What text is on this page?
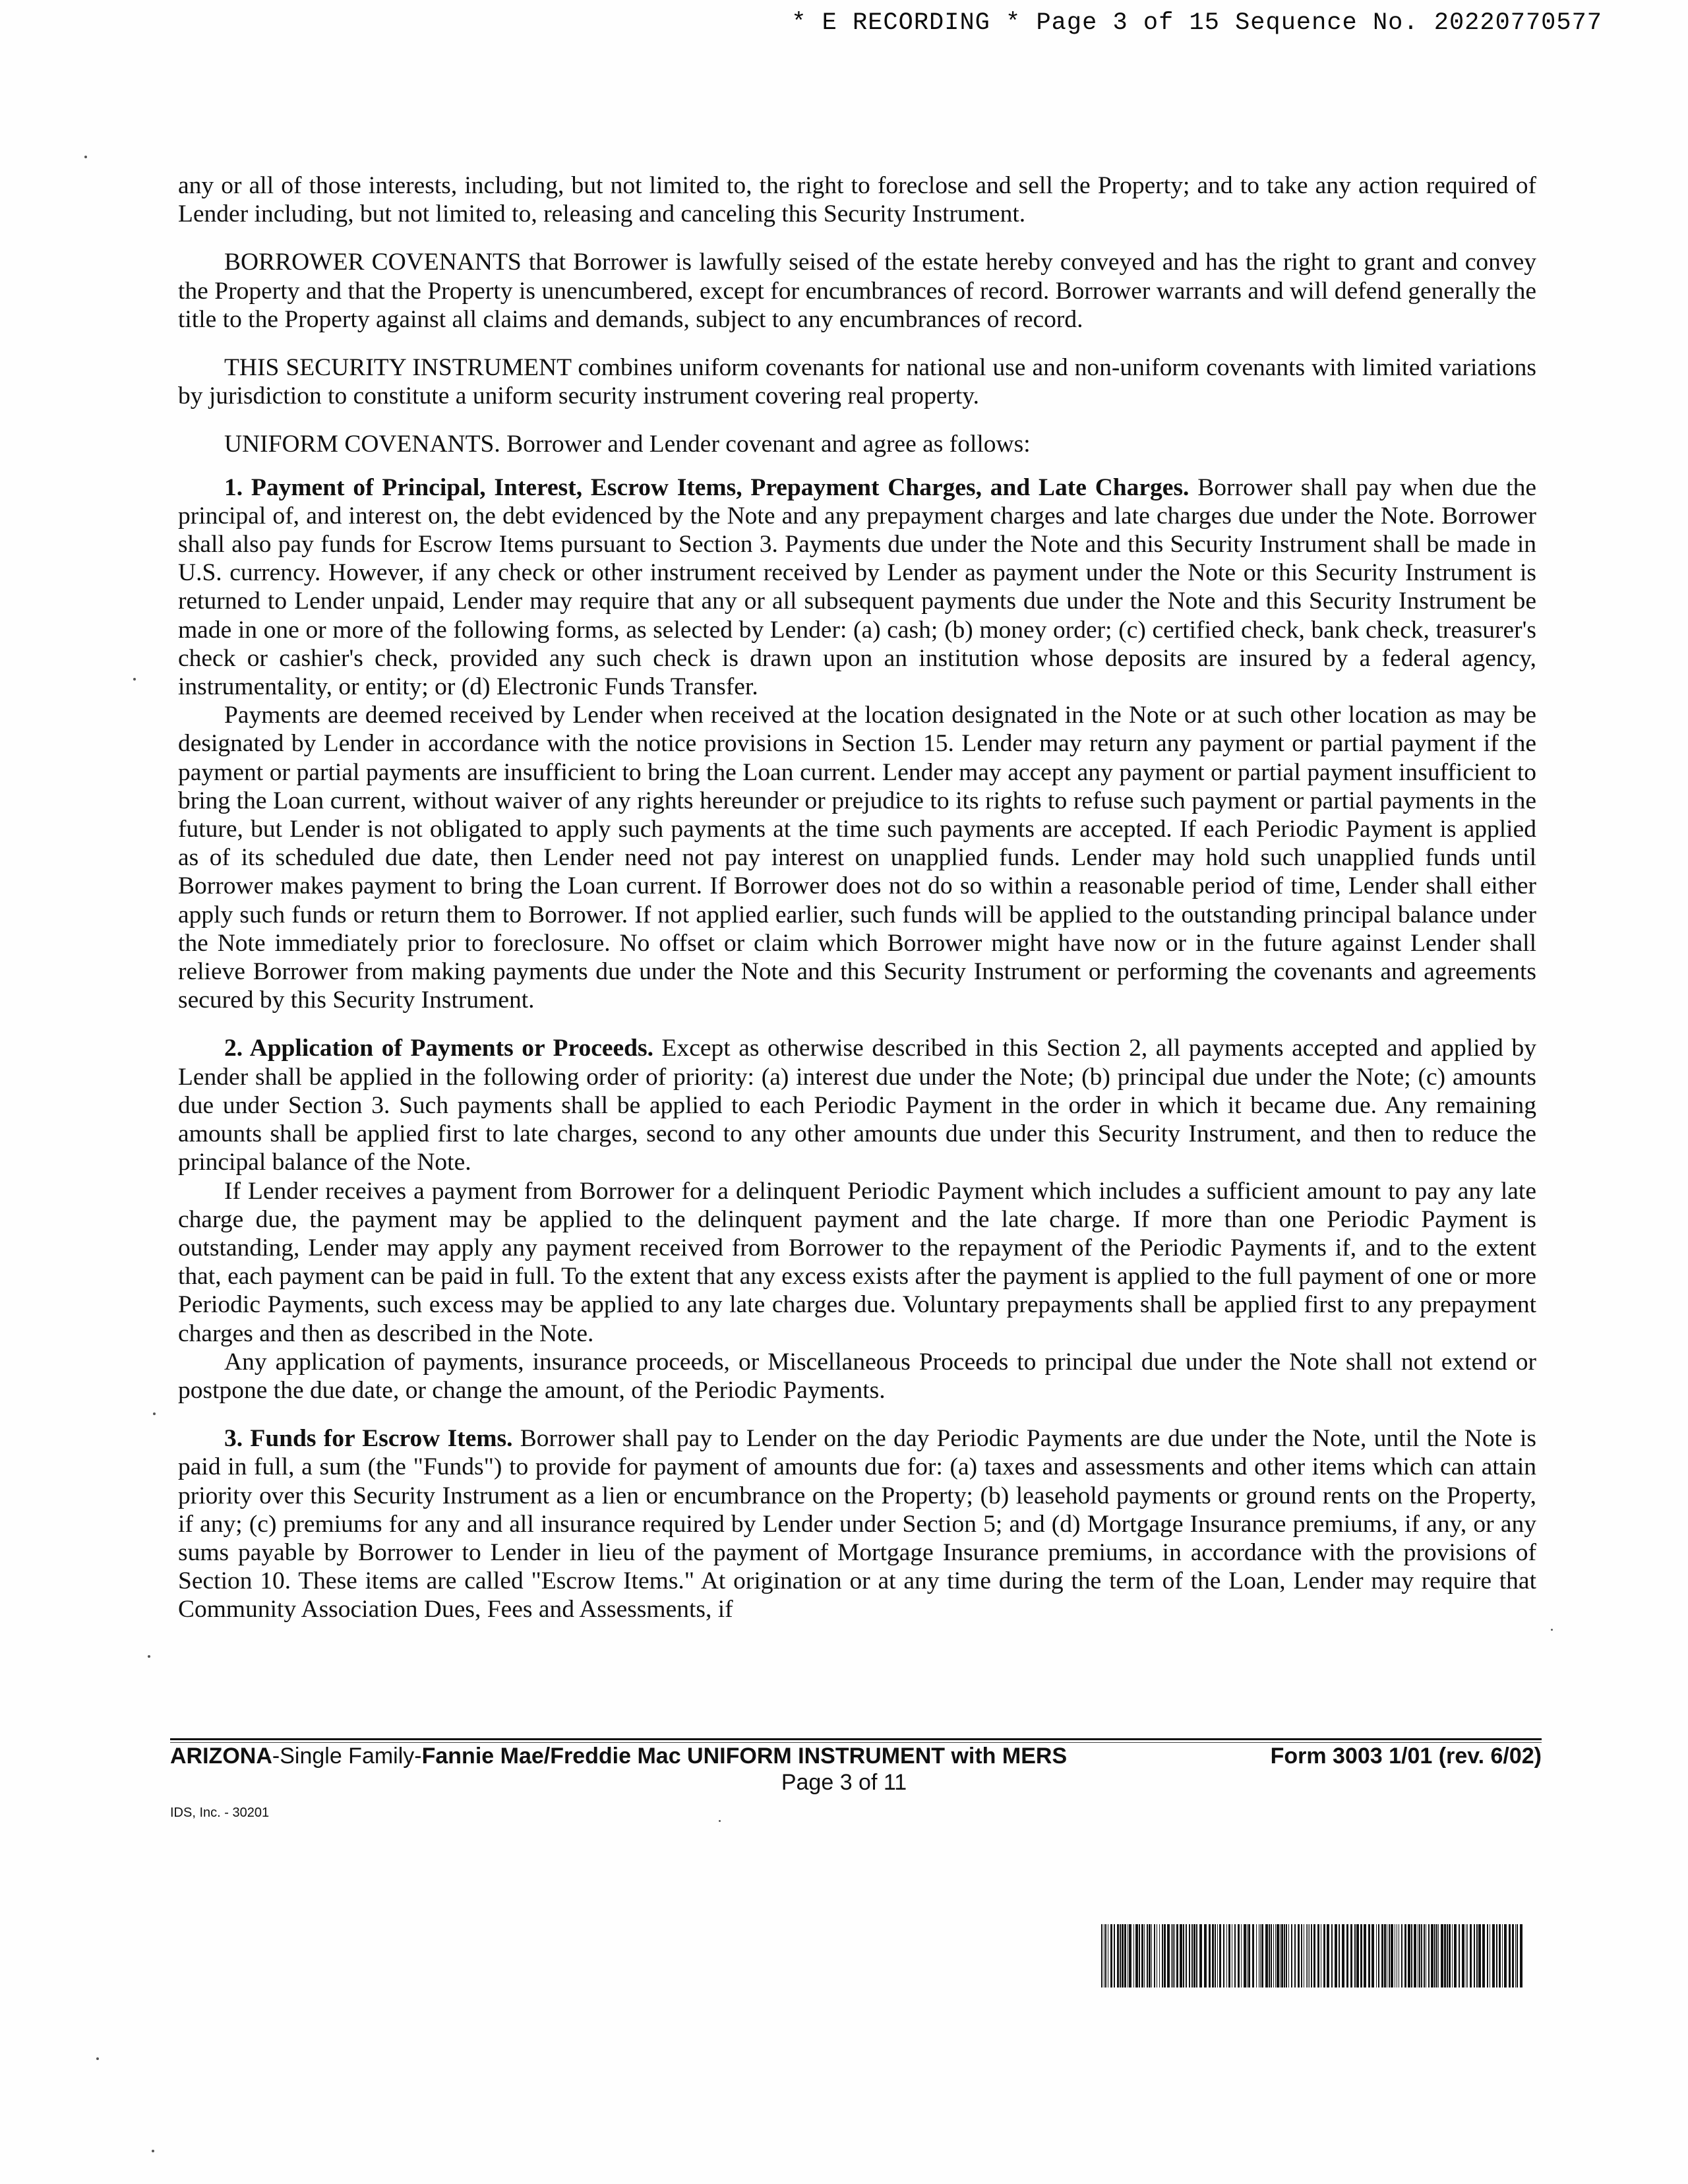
* E RECORDING * Page 3 of 15 Sequence No. 20220770577

any or all of those interests, including, but not limited to, the right to foreclose and sell the Property; and to take any action required of Lender including, but not limited to, releasing and canceling this Security Instrument.

BORROWER COVENANTS that Borrower is lawfully seised of the estate hereby conveyed and has the right to grant and convey the Property and that the Property is unencumbered, except for encumbrances of record. Borrower warrants and will defend generally the title to the Property against all claims and demands, subject to any encumbrances of record.

THIS SECURITY INSTRUMENT combines uniform covenants for national use and non-uniform covenants with limited variations by jurisdiction to constitute a uniform security instrument covering real property.

UNIFORM COVENANTS. Borrower and Lender covenant and agree as follows:

1. Payment of Principal, Interest, Escrow Items, Prepayment Charges, and Late Charges. Borrower shall pay when due the principal of, and interest on, the debt evidenced by the Note and any prepayment charges and late charges due under the Note. Borrower shall also pay funds for Escrow Items pursuant to Section 3. Payments due under the Note and this Security Instrument shall be made in U.S. currency. However, if any check or other instrument received by Lender as payment under the Note or this Security Instrument is returned to Lender unpaid, Lender may require that any or all subsequent payments due under the Note and this Security Instrument be made in one or more of the following forms, as selected by Lender: (a) cash; (b) money order; (c) certified check, bank check, treasurer's check or cashier's check, provided any such check is drawn upon an institution whose deposits are insured by a federal agency, instrumentality, or entity; or (d) Electronic Funds Transfer.

Payments are deemed received by Lender when received at the location designated in the Note or at such other location as may be designated by Lender in accordance with the notice provisions in Section 15. Lender may return any payment or partial payment if the payment or partial payments are insufficient to bring the Loan current. Lender may accept any payment or partial payment insufficient to bring the Loan current, without waiver of any rights hereunder or prejudice to its rights to refuse such payment or partial payments in the future, but Lender is not obligated to apply such payments at the time such payments are accepted. If each Periodic Payment is applied as of its scheduled due date, then Lender need not pay interest on unapplied funds. Lender may hold such unapplied funds until Borrower makes payment to bring the Loan current. If Borrower does not do so within a reasonable period of time, Lender shall either apply such funds or return them to Borrower. If not applied earlier, such funds will be applied to the outstanding principal balance under the Note immediately prior to foreclosure. No offset or claim which Borrower might have now or in the future against Lender shall relieve Borrower from making payments due under the Note and this Security Instrument or performing the covenants and agreements secured by this Security Instrument.

2. Application of Payments or Proceeds. Except as otherwise described in this Section 2, all payments accepted and applied by Lender shall be applied in the following order of priority: (a) interest due under the Note; (b) principal due under the Note; (c) amounts due under Section 3. Such payments shall be applied to each Periodic Payment in the order in which it became due. Any remaining amounts shall be applied first to late charges, second to any other amounts due under this Security Instrument, and then to reduce the principal balance of the Note.

If Lender receives a payment from Borrower for a delinquent Periodic Payment which includes a sufficient amount to pay any late charge due, the payment may be applied to the delinquent payment and the late charge. If more than one Periodic Payment is outstanding, Lender may apply any payment received from Borrower to the repayment of the Periodic Payments if, and to the extent that, each payment can be paid in full. To the extent that any excess exists after the payment is applied to the full payment of one or more Periodic Payments, such excess may be applied to any late charges due. Voluntary prepayments shall be applied first to any prepayment charges and then as described in the Note.

Any application of payments, insurance proceeds, or Miscellaneous Proceeds to principal due under the Note shall not extend or postpone the due date, or change the amount, of the Periodic Payments.

3. Funds for Escrow Items. Borrower shall pay to Lender on the day Periodic Payments are due under the Note, until the Note is paid in full, a sum (the "Funds") to provide for payment of amounts due for: (a) taxes and assessments and other items which can attain priority over this Security Instrument as a lien or encumbrance on the Property; (b) leasehold payments or ground rents on the Property, if any; (c) premiums for any and all insurance required by Lender under Section 5; and (d) Mortgage Insurance premiums, if any, or any sums payable by Borrower to Lender in lieu of the payment of Mortgage Insurance premiums, in accordance with the provisions of Section 10. These items are called "Escrow Items." At origination or at any time during the term of the Loan, Lender may require that Community Association Dues, Fees and Assessments, if

ARIZONA-Single Family-Fannie Mae/Freddie Mac UNIFORM INSTRUMENT with MERS	Form 3003 1/01 (rev. 6/02)
Page 3 of 11
IDS, Inc. - 30201
